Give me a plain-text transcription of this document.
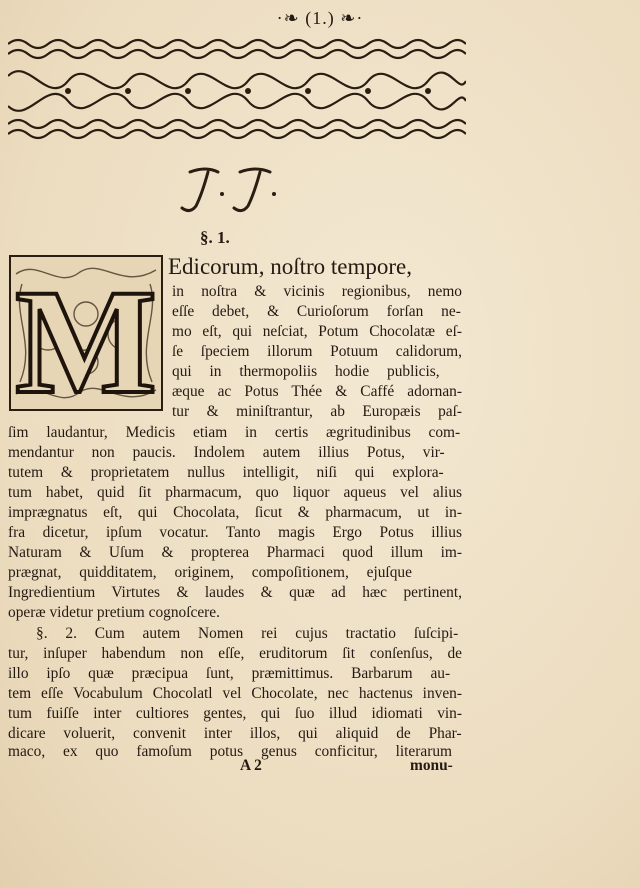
·❧ (1.) ❧·
§. 1.
M Edicorum, noſtro tempore,
in noſtra & vicinis regionibus, nemo
eſſe debet, & Curioſorum forſan ne-
mo eſt, qui neſciat, Potum Chocolatæ eſ-
ſe ſpeciem illorum Potuum calidorum,
qui in thermopoliis hodie publicis,
æque ac Potus Thée & Caffé adornan-
tur & miniſtrantur, ab Europæis paſ-
ſim laudantur, Medicis etiam in certis ægritudinibus com-
mendantur non paucis. Indolem autem illius Potus, vir-
tutem & proprietatem nullus intelligit, niſi qui explora-
tum habet, quid ſit pharmacum, quo liquor aqueus vel alius
imprægnatus eſt, qui Chocolata, ſicut & pharmacum, ut in-
fra dicetur, ipſum vocatur. Tanto magis Ergo Potus illius
Naturam & Uſum & propterea Pharmaci quod illum im-
prægnat, quidditatem, originem, compoſitionem, ejuſque
Ingredientium Virtutes & laudes & quæ ad hæc pertinent,
operæ videtur pretium cognoſcere.
§. 2. Cum autem Nomen rei cujus tractatio ſuſcipi-
tur, inſuper habendum non eſſe, eruditorum ſit conſenſus, de
illo ipſo quæ præcipua ſunt, præmittimus. Barbarum au-
tem eſſe Vocabulum Chocolatl vel Chocolate, nec hactenus inven-
tum fuiſſe inter cultiores gentes, qui ſuo illud idiomati vin-
dicare voluerit, convenit inter illos, qui aliquid de Phar-
maco, ex quo famoſum potus genus conficitur, literarum
A 2	monu-
